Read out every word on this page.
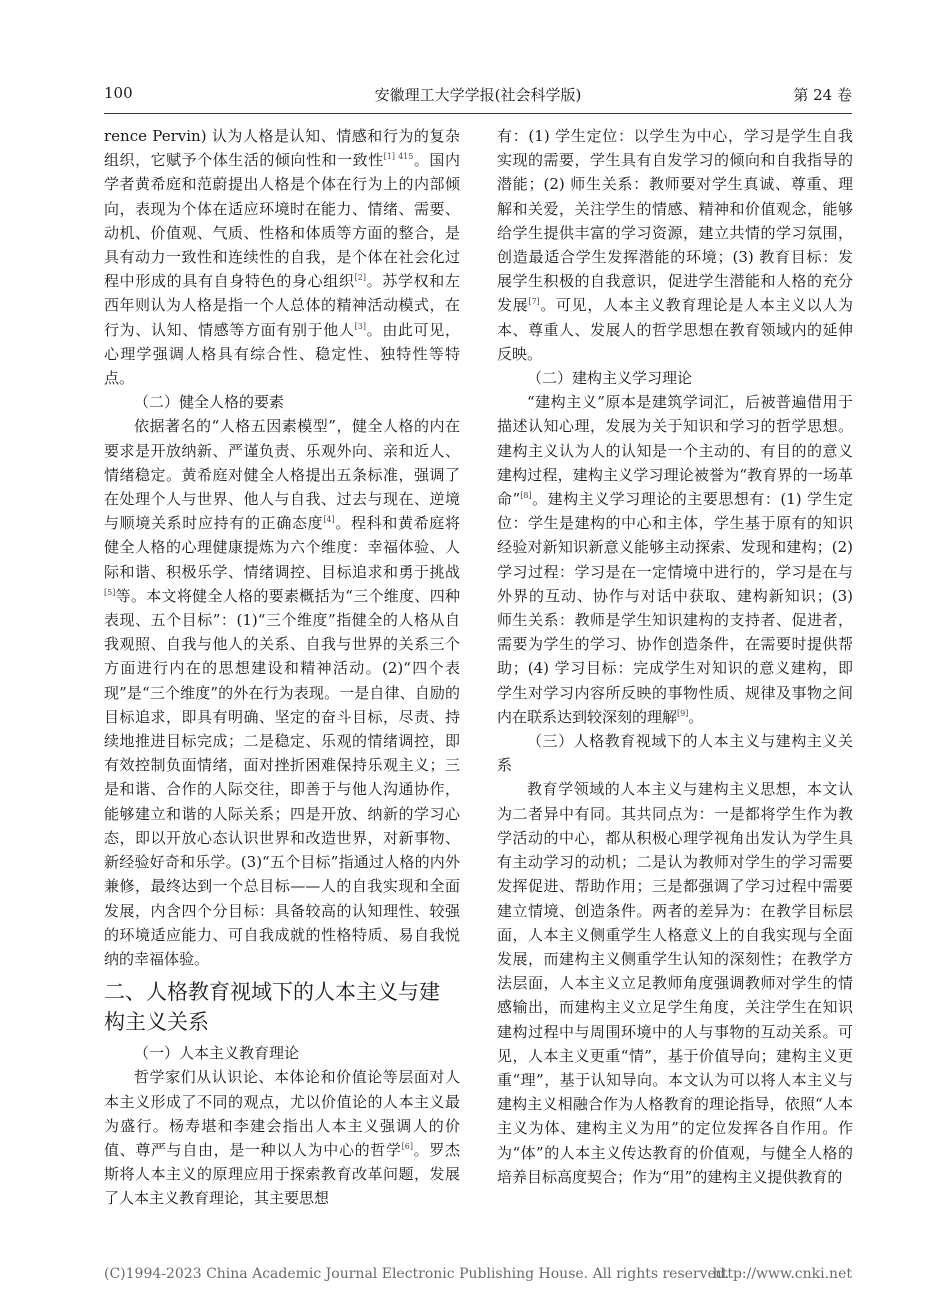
100	安徽理工大学学报(社会科学版)	第 24 卷

rence Pervin) 认为人格是认知、情感和行为的复杂组织，它赋予个体生活的倾向性和一致性$^{[1] 415}$。国内学者黄希庭和范蔚提出人格是个体在行为上的内部倾向，表现为个体在适应环境时在能力、情绪、需要、动机、价值观、气质、性格和体质等方面的整合，是具有动力一致性和连续性的自我，是个体在社会化过程中形成的具有自身特色的身心组织[2]。苏学权和左西年则认为人格是指一个人总体的精神活动模式，在行为、认知、情感等方面有别于他人[3]。由此可见，心理学强调人格具有综合性、稳定性、独特性等特点。

（二）健全人格的要素

依据著名的“人格五因素模型”，健全人格的内在要求是开放纳新、严谨负责、乐观外向、亲和近人、情绪稳定。黄希庭对健全人格提出五条标准，强调了在处理个人与世界、他人与自我、过去与现在、逆境与顺境关系时应持有的正确态度[4]。程科和黄希庭将健全人格的心理健康提炼为六个维度：幸福体验、人际和谐、积极乐学、情绪调控、目标追求和勇于挑战[5]等。本文将健全人格的要素概括为“三个维度、四种表现、五个目标”：(1)“三个维度”指健全的人格从自我观照、自我与他人的关系、自我与世界的关系三个方面进行内在的思想建设和精神活动。(2)“四个表现”是“三个维度”的外在行为表现。一是自律、自励的目标追求，即具有明确、坚定的奋斗目标，尽责、持续地推进目标完成；二是稳定、乐观的情绪调控，即有效控制负面情绪，面对挫折困难保持乐观主义；三是和谐、合作的人际交往，即善于与他人沟通协作，能够建立和谐的人际关系；四是开放、纳新的学习心态，即以开放心态认识世界和改造世界，对新事物、新经验好奇和乐学。(3)“五个目标”指通过人格的内外兼修，最终达到一个总目标——人的自我实现和全面发展，内含四个分目标：具备较高的认知理性、较强的环境适应能力、可自我成就的性格特质、易自我悦纳的幸福体验。

二、人格教育视域下的人本主义与建构主义关系

（一）人本主义教育理论

哲学家们从认识论、本体论和价值论等层面对人本主义形成了不同的观点，尤以价值论的人本主义最为盛行。杨寿堪和李建会指出人本主义强调人的价值、尊严与自由，是一种以人为中心的哲学[6]。罗杰斯将人本主义的原理应用于探索教育改革问题，发展了人本主义教育理论，其主要思想

有：(1) 学生定位：以学生为中心，学习是学生自我实现的需要，学生具有自发学习的倾向和自我指导的潜能；(2) 师生关系：教师要对学生真诚、尊重、理解和关爱，关注学生的情感、精神和价值观念，能够给学生提供丰富的学习资源，建立共情的学习氛围，创造最适合学生发挥潜能的环境；(3) 教育目标：发展学生积极的自我意识，促进学生潜能和人格的充分发展[7]。可见，人本主义教育理论是人本主义以人为本、尊重人、发展人的哲学思想在教育领域内的延伸反映。

（二）建构主义学习理论

“建构主义”原本是建筑学词汇，后被普遍借用于描述认知心理，发展为关于知识和学习的哲学思想。建构主义认为人的认知是一个主动的、有目的的意义建构过程，建构主义学习理论被誉为“教育界的一场革命”[8]。建构主义学习理论的主要思想有：(1) 学生定位：学生是建构的中心和主体，学生基于原有的知识经验对新知识新意义能够主动探索、发现和建构；(2) 学习过程：学习是在一定情境中进行的，学习是在与外界的互动、协作与对话中获取、建构新知识；(3) 师生关系：教师是学生知识建构的支持者、促进者，需要为学生的学习、协作创造条件，在需要时提供帮助；(4) 学习目标：完成学生对知识的意义建构，即学生对学习内容所反映的事物性质、规律及事物之间内在联系达到较深刻的理解[9]。

（三）人格教育视域下的人本主义与建构主义关系

教育学领域的人本主义与建构主义思想，本文认为二者异中有同。其共同点为：一是都将学生作为教学活动的中心，都从积极心理学视角出发认为学生具有主动学习的动机；二是认为教师对学生的学习需要发挥促进、帮助作用；三是都强调了学习过程中需要建立情境、创造条件。两者的差异为：在教学目标层面，人本主义侧重学生人格意义上的自我实现与全面发展，而建构主义侧重学生认知的深刻性；在教学方法层面，人本主义立足教师角度强调教师对学生的情感输出，而建构主义立足学生角度，关注学生在知识建构过程中与周围环境中的人与事物的互动关系。可见，人本主义更重“情”，基于价值导向；建构主义更重“理”，基于认知导向。本文认为可以将人本主义与建构主义相融合作为人格教育的理论指导，依照“人本主义为体、建构主义为用”的定位发挥各自作用。作为“体”的人本主义传达教育的价值观，与健全人格的培养目标高度契合；作为“用”的建构主义提供教育的

(C)1994-2023 China Academic Journal Electronic Publishing House. All rights reserved.
http://www.cnki.net
